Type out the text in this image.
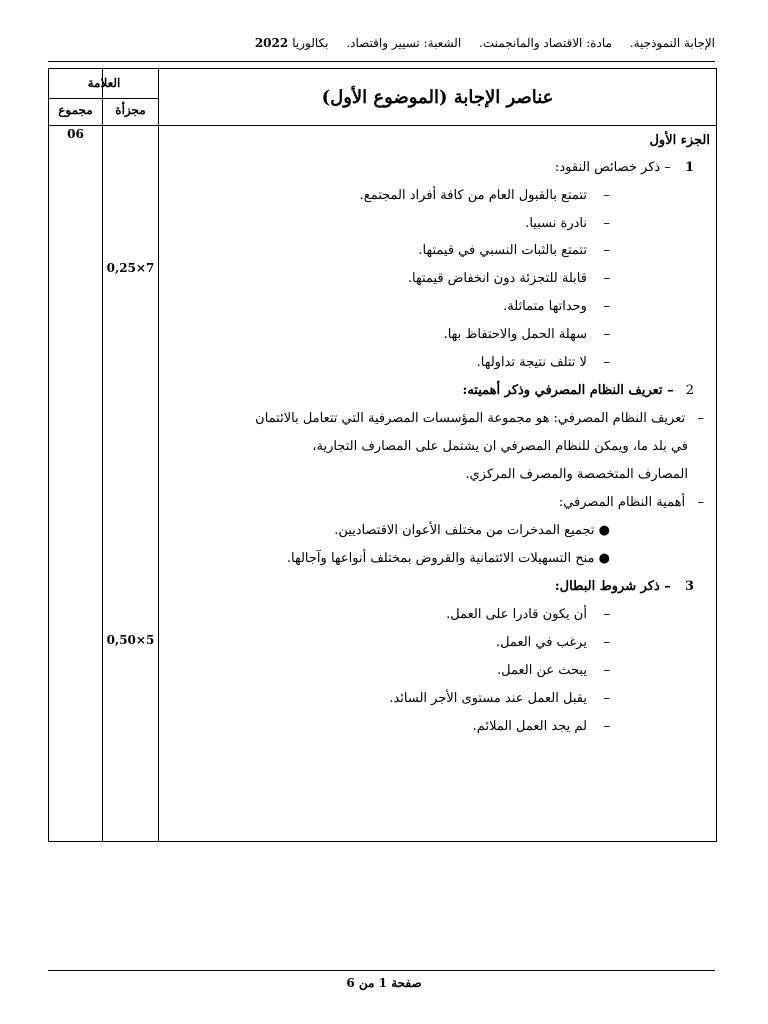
الإجابة النموذجية. مادة: الاقتصاد والمانجمنت. الشعبة: تسيير واقتصاد. بكالوريا2022
العلامة
مجزأة
مجموع
عناصر الإجابة (الموضوع الأول)
06
0,25×7
0,50×5
الجزء الأول
1 – ذكر خصائص النقود:
–    تتمتع بالقبول العام من كافة أفراد المجتمع.
–    نادرة نسبيا.
–    تتمتع بالثبات النسبي في قيمتها.
–    قابلة للتجزئة دون انخفاض قيمتها.
–    وحداتها متماثلة.
–    سهلة الحمل والاحتفاظ بها.
–    لا تتلف نتيجة تداولها.
2 – تعريف النظام المصرفي وذكر أهميته:
–   تعريف النظام المصرفي: هو مجموعة المؤسسات المصرفية التي تتعامل بالائتمان
في بلد ما، ويمكن للنظام المصرفي ان يشتمل على المصارف التجارية،
المصارف المتخصصة والمصرف المركزي.
–   أهمية النظام المصرفي:
● تجميع المدخرات من مختلف الأعوان الاقتصاديين.
● منح التسهيلات الائتمانية والقروض بمختلف أنواعها وآجالها.
3 – ذكر شروط البطال:
–    أن يكون قادرا على العمل.
–    يرغب في العمل.
–    يبحث عن العمل.
–    يقبل العمل عند مستوى الأجر السائد.
–    لم يجد العمل الملائم.
صفحة 1 من 6
